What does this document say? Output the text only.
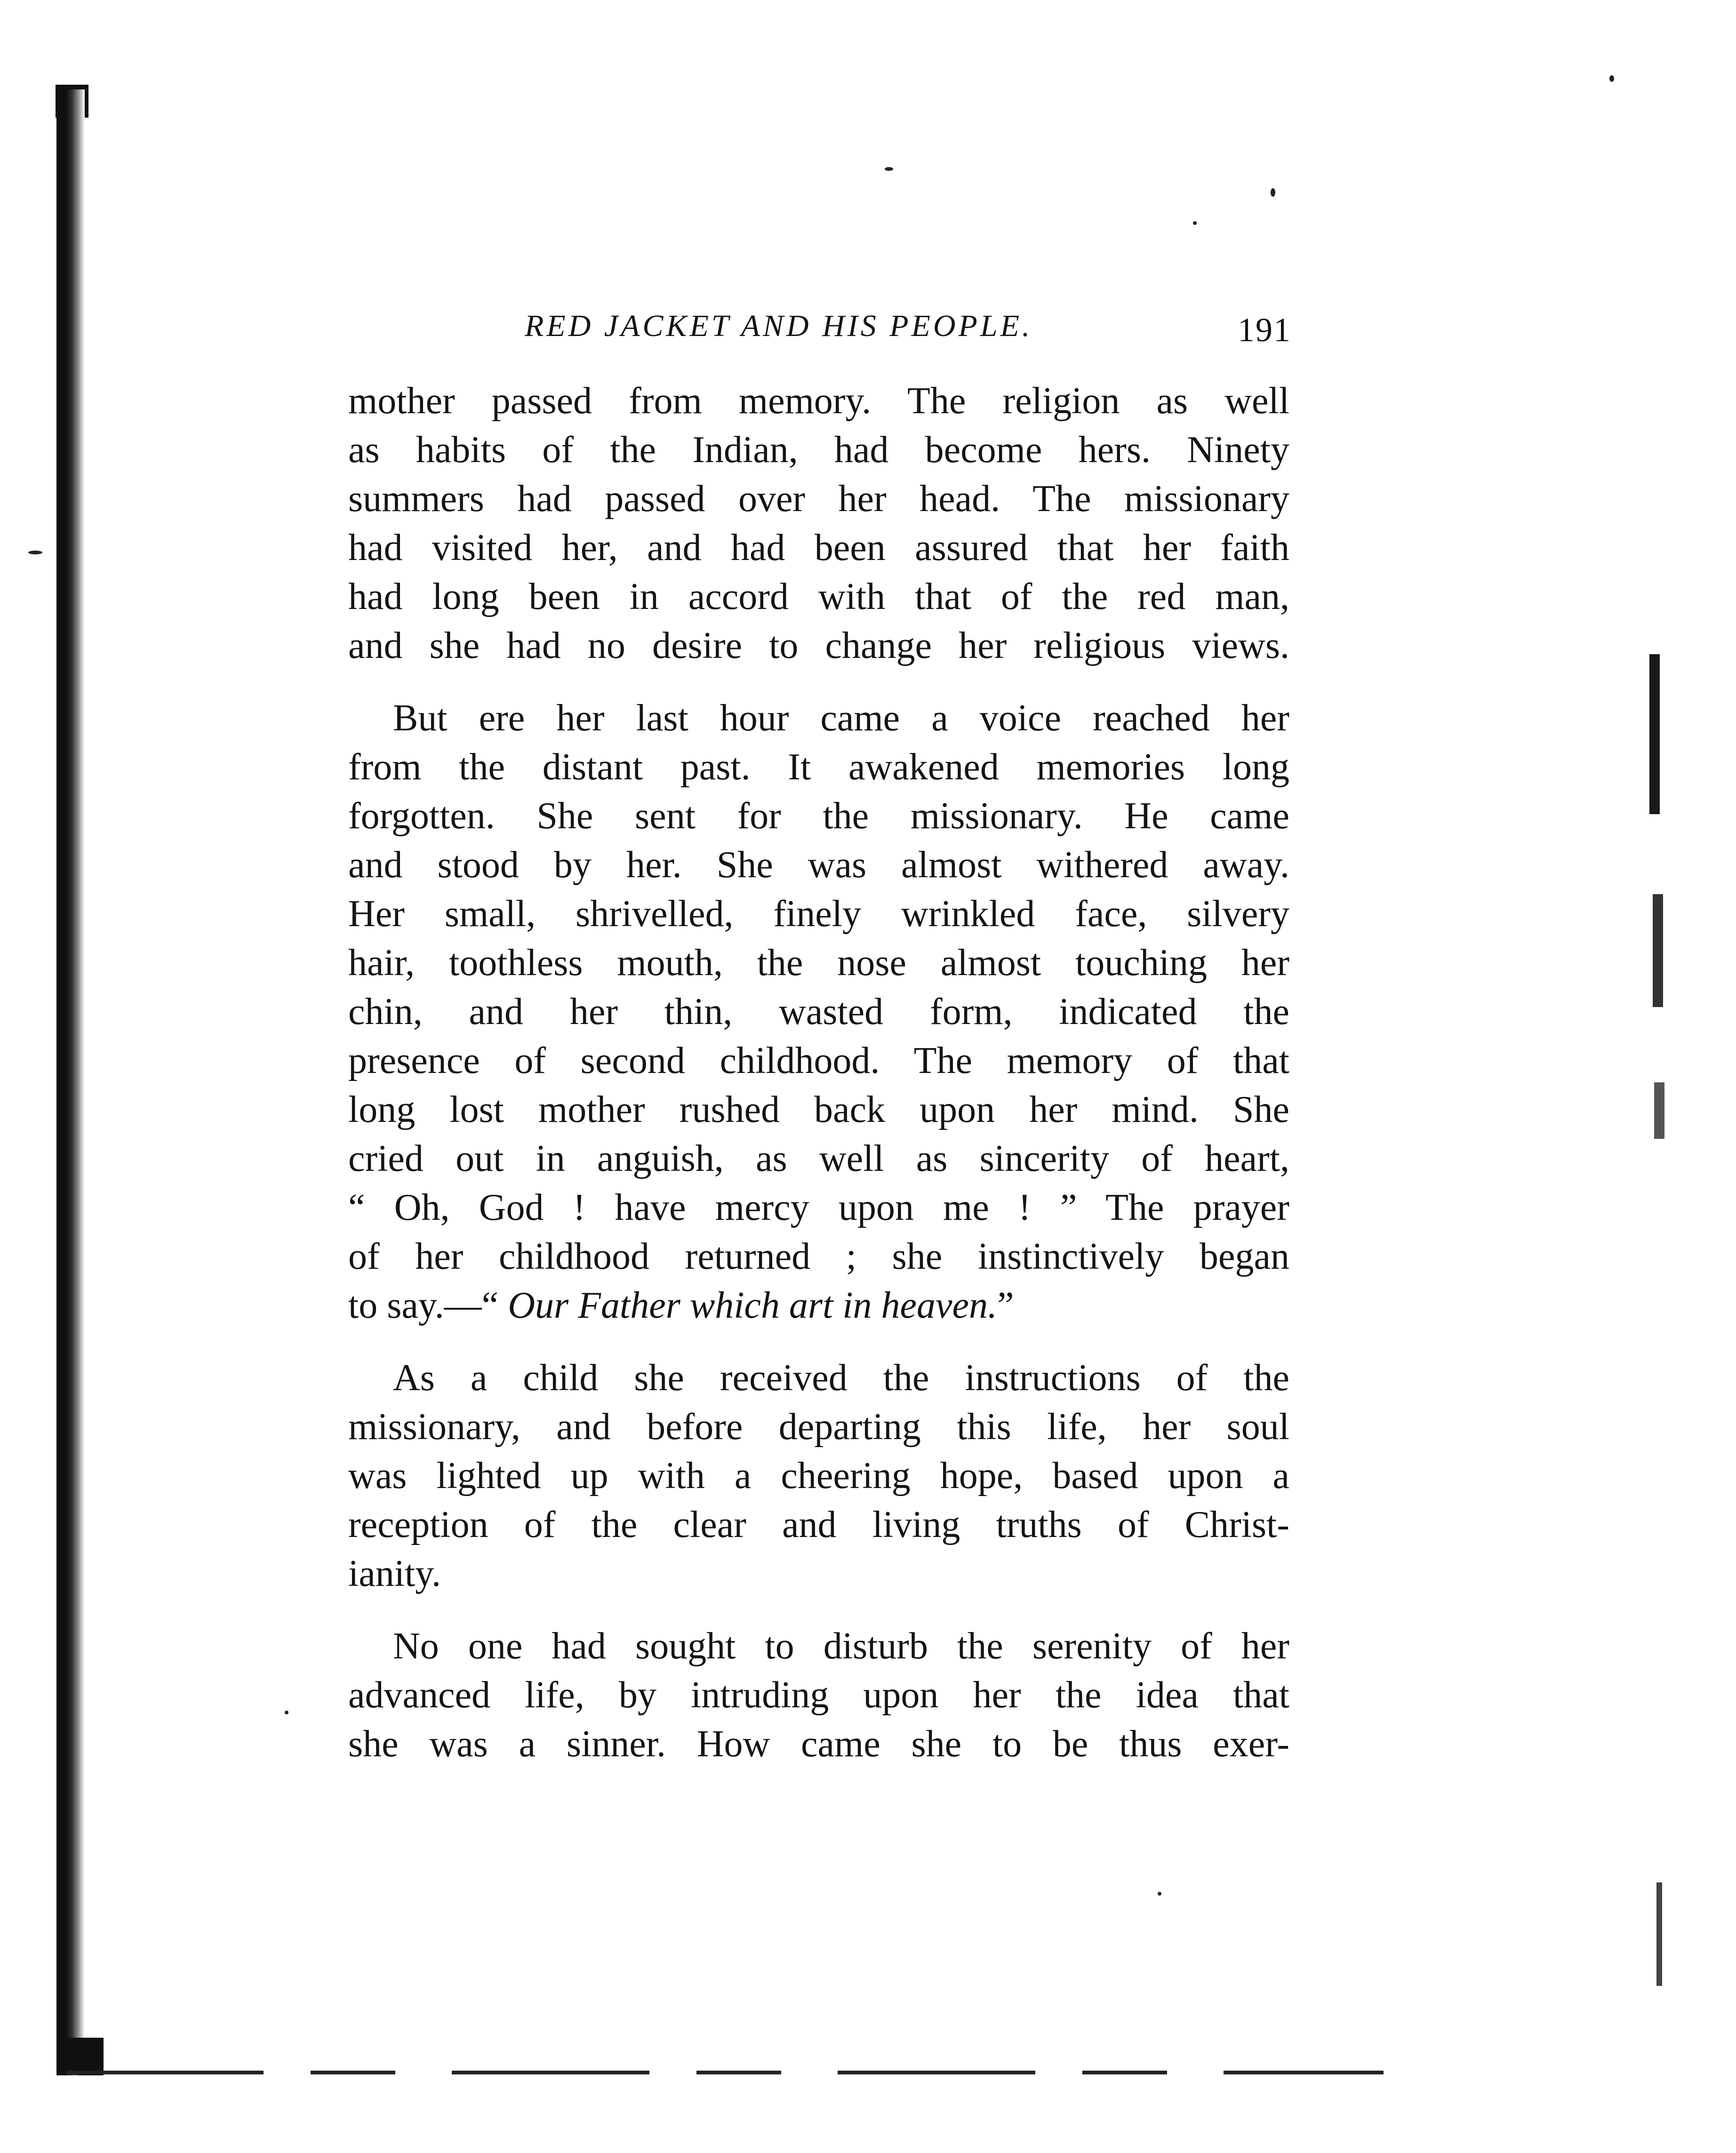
RED JACKET AND HIS PEOPLE.	191
mother passed from memory. The religion as well
as habits of the Indian, had become hers. Ninety
summers had passed over her head. The missionary
had visited her, and had been assured that her faith
had long been in accord with that of the red man,
and she had no desire to change her religious views.
But ere her last hour came a voice reached her
from the distant past. It awakened memories long
forgotten. She sent for the missionary. He came
and stood by her. She was almost withered away.
Her small, shrivelled, finely wrinkled face, silvery
hair, toothless mouth, the nose almost touching her
chin, and her thin, wasted form, indicated the
presence of second childhood. The memory of that
long lost mother rushed back upon her mind. She
cried out in anguish, as well as sincerity of heart,
“ Oh, God ! have mercy upon me ! ” The prayer
of her childhood returned ; she instinctively began
to say.—“ Our Father which art in heaven.”
As a child she received the instructions of the
missionary, and before departing this life, her soul
was lighted up with a cheering hope, based upon a
reception of the clear and living truths of Christ-
ianity.
No one had sought to disturb the serenity of her
advanced life, by intruding upon her the idea that
she was a sinner. How came she to be thus exer-
